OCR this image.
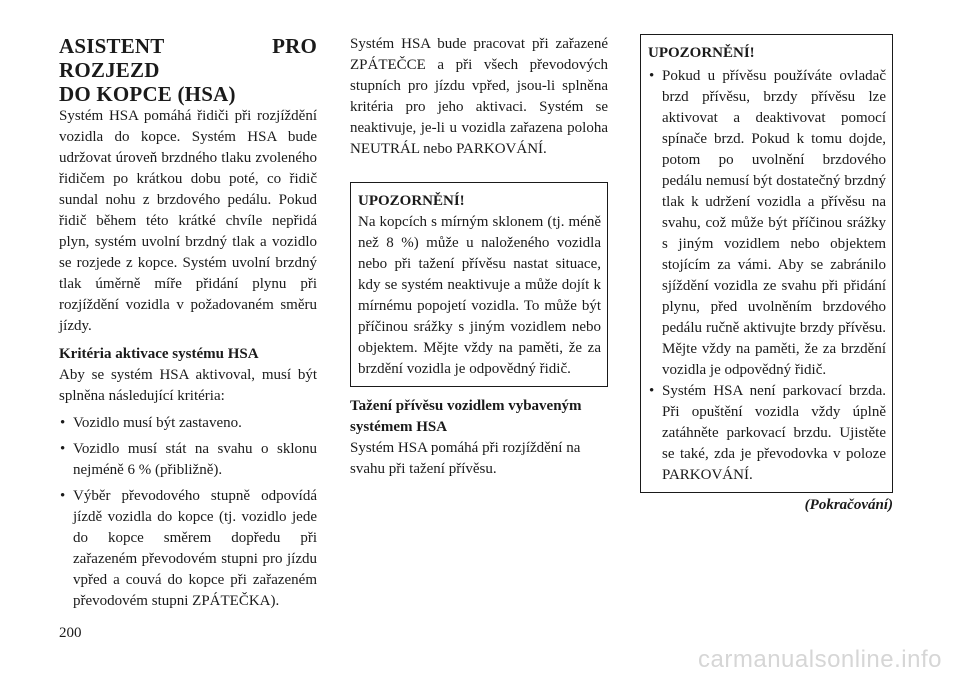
ASISTENT PRO ROZJEZD
DO KOPCE (HSA)

Systém HSA pomáhá řidiči při rozjíždění vozidla do kopce. Systém HSA bude udržovat úroveň brzdného tlaku zvoleného řidičem po krátkou dobu poté, co řidič sundal nohu z brzdového pedálu. Pokud řidič během této krátké chvíle nepřidá plyn, systém uvolní brzdný tlak a vozidlo se rozjede z kopce. Systém uvolní brzdný tlak úměrně míře přidání plynu při rozjíždění vozidla v požadovaném směru jízdy.

Kritéria aktivace systému HSA

Aby se systém HSA aktivoval, musí být splněna následující kritéria:

• Vozidlo musí být zastaveno.
• Vozidlo musí stát na svahu o sklonu nejméně 6 % (přibližně).
• Výběr převodového stupně odpovídá jízdě vozidla do kopce (tj. vozidlo jede do kopce směrem dopředu při zařazeném převodovém stupni pro jízdu vpřed a couvá do kopce při zařazeném převodovém stupni ZPÁTEČKA).

Systém HSA bude pracovat při zařazené ZPÁTEČCE a při všech převodových stupních pro jízdu vpřed, jsou-li splněna kritéria pro jeho aktivaci. Systém se neaktivuje, je-li u vozidla zařazena poloha NEUTRÁL nebo PARKOVÁNÍ.

UPOZORNĚNÍ!

Na kopcích s mírným sklonem (tj. méně než 8 %) může u naloženého vozidla nebo při tažení přívěsu nastat situace, kdy se systém neaktivuje a může dojít k mírnému popojetí vozidla. To může být příčinou srážky s jiným vozidlem nebo objektem. Mějte vždy na paměti, že za brzdění vozidla je odpovědný řidič.

Tažení přívěsu vozidlem vybaveným systémem HSA

Systém HSA pomáhá při rozjíždění na svahu při tažení přívěsu.

UPOZORNĚNÍ!
• Pokud u přívěsu používáte ovladač brzd přívěsu, brzdy přívěsu lze aktivovat a deaktivovat pomocí spínače brzd. Pokud k tomu dojde, potom po uvolnění brzdového pedálu nemusí být dostatečný brzdný tlak k udržení vozidla a přívěsu na svahu, což může být příčinou srážky s jiným vozidlem nebo objektem stojícím za vámi. Aby se zabránilo sjíždění vozidla ze svahu při přidání plynu, před uvolněním brzdového pedálu ručně aktivujte brzdy přívěsu. Mějte vždy na paměti, že za brzdění vozidla je odpovědný řidič.
• Systém HSA není parkovací brzda. Při opuštění vozidla vždy úplně zatáhněte parkovací brzdu. Ujistěte se také, zda je převodovka v poloze PARKOVÁNÍ.
(Pokračování)
200
carmanualsonline.info
